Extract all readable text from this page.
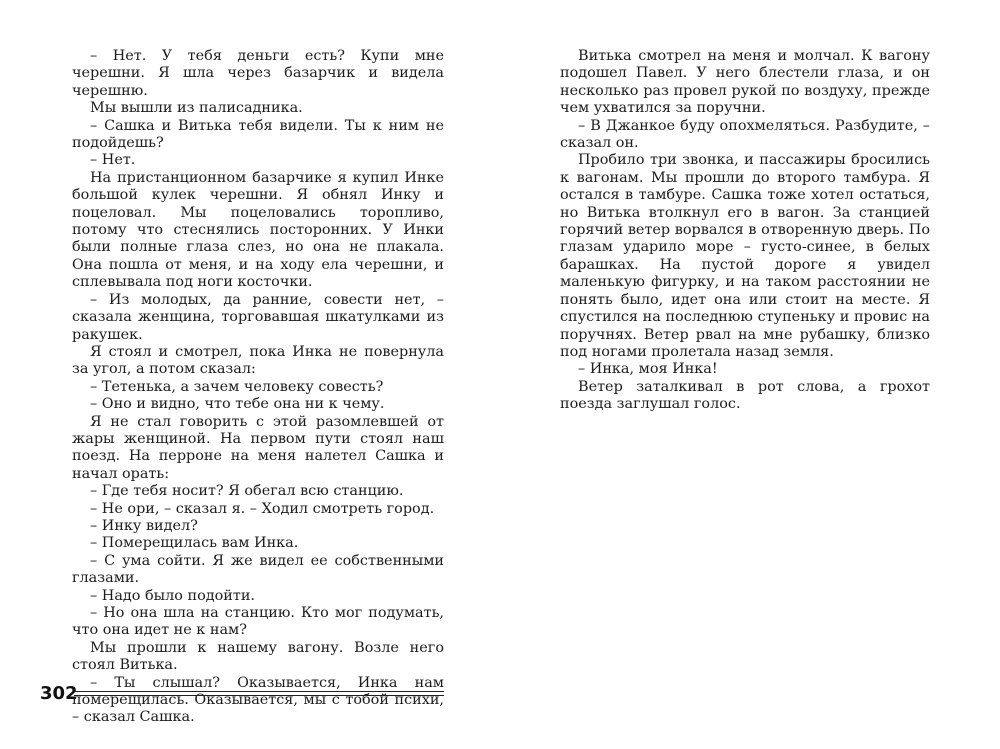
– Нет. У тебя деньги есть? Купи мне черешни. Я шла через базарчик и видела черешню.

Мы вышли из палисадника.

– Сашка и Витька тебя видели. Ты к ним не подойдешь?

– Нет.

На пристанционном базарчике я купил Инке большой кулек черешни. Я обнял Инку и поцеловал. Мы поцеловались торопливо, потому что стеснялись посторонних. У Инки были полные глаза слез, но она не плакала. Она пошла от меня, и на ходу ела черешни, и сплевывала под ноги косточки.

– Из молодых, да ранние, совести нет, – сказала женщина, торговавшая шкатулками из ракушек.

Я стоял и смотрел, пока Инка не повернула за угол, а потом сказал:

– Тетенька, а зачем человеку совесть?

– Оно и видно, что тебе она ни к чему.

Я не стал говорить с этой разомлевшей от жары женщиной. На первом пути стоял наш поезд. На перроне на меня налетел Сашка и начал орать:

– Где тебя носит? Я обегал всю станцию.

– Не ори, – сказал я. – Ходил смотреть город.

– Инку видел?

– Померещилась вам Инка.

– С ума сойти. Я же видел ее собственными глазами.

– Надо было подойти.

– Но она шла на станцию. Кто мог подумать, что она идет не к нам?

Мы прошли к нашему вагону. Возле него стоял Витька.

– Ты слышал? Оказывается, Инка нам померещилась. Оказывается, мы с тобой психи, – сказал Сашка.

302

Витька смотрел на меня и молчал. К вагону подошел Павел. У него блестели глаза, и он несколько раз провел рукой по воздуху, прежде чем ухватился за поручни.

– В Джанкое буду опохмеляться. Разбудите, – сказал он.

Пробило три звонка, и пассажиры бросились к вагонам. Мы прошли до второго тамбура. Я остался в тамбуре. Сашка тоже хотел остаться, но Витька втолкнул его в вагон. За станцией горячий ветер ворвался в отворенную дверь. По глазам ударило море – густо-синее, в белых барашках. На пустой дороге я увидел маленькую фигурку, и на таком расстоянии не понять было, идет она или стоит на месте. Я спустился на последнюю ступеньку и провис на поручнях. Ветер рвал на мне рубашку, близко под ногами пролетала назад земля.

– Инка, моя Инка!

Ветер заталкивал в рот слова, а грохот поезда заглушал голос.
